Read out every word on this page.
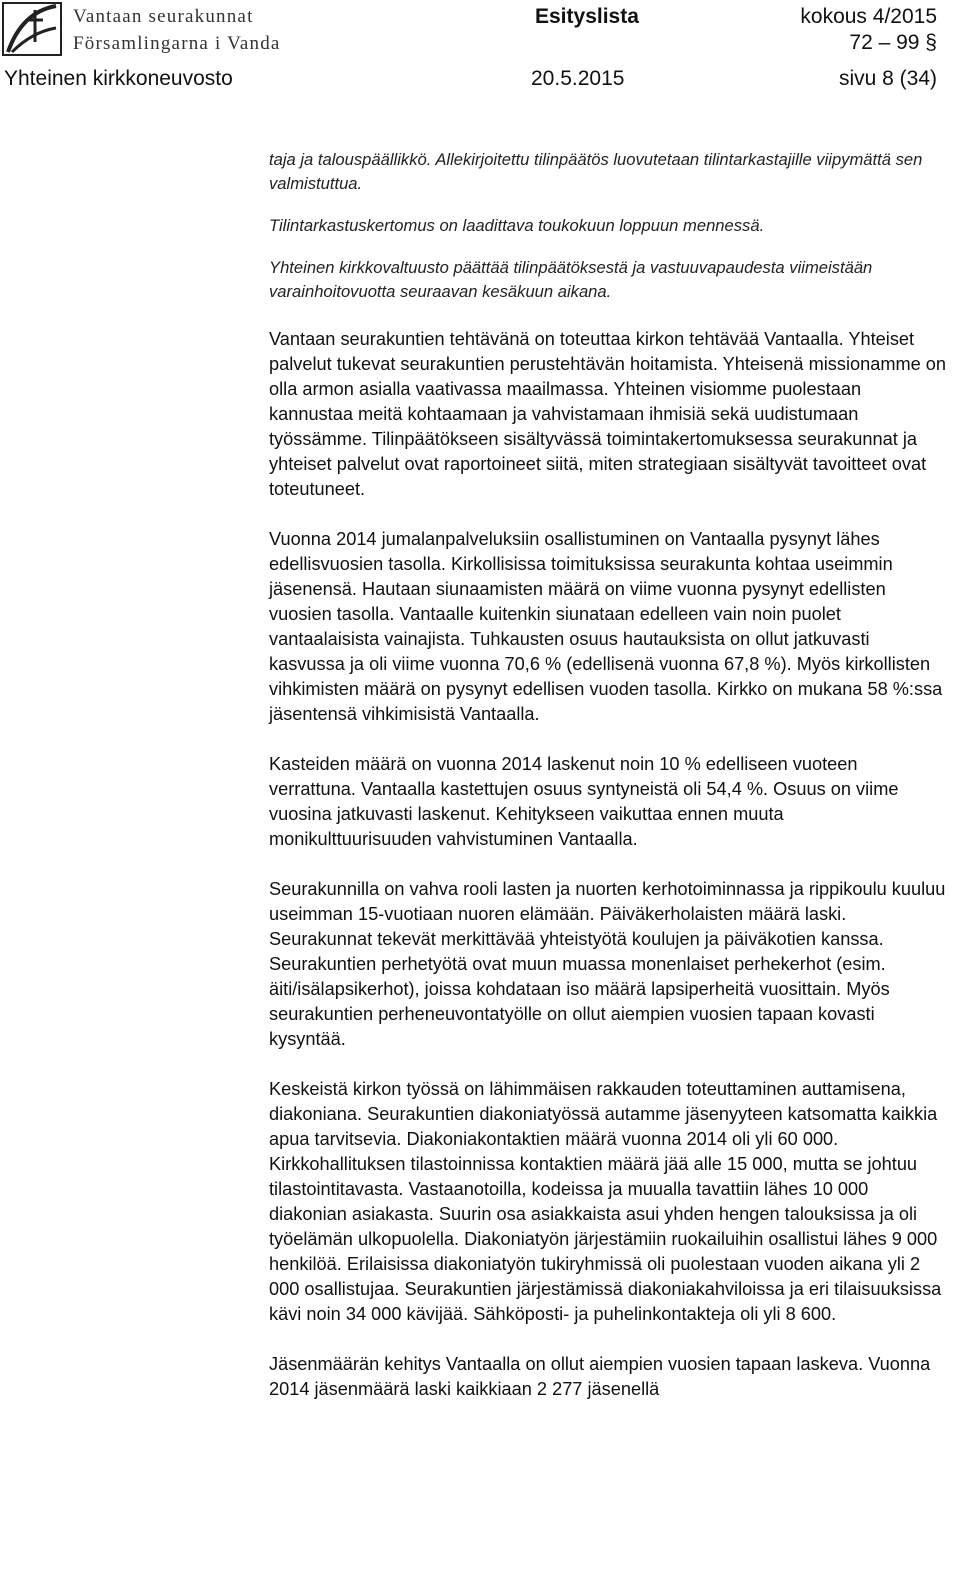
Vantaan seurakunnat
Församlingarna i Vanda
Esityslista	kokous 4/2015
72 – 99 §
Yhteinen kirkkoneuvosto	20.5.2015	sivu 8 (34)

taja ja talouspäällikkö. Allekirjoitettu tilinpäätös luovutetaan tilintarkastajille viipymättä sen valmistuttua.

Tilintarkastuskertomus on laadittava toukokuun loppuun mennessä.

Yhteinen kirkkovaltuusto päättää tilinpäätöksestä ja vastuuvapaudesta viimeistään varainhoitovuotta seuraavan kesäkuun aikana.

Vantaan seurakuntien tehtävänä on toteuttaa kirkon tehtävää Vantaalla. Yhteiset palvelut tukevat seurakuntien perustehtävän hoitamista. Yhteisenä missionamme on olla armon asialla vaativassa maailmassa. Yhteinen visiomme puolestaan kannustaa meitä kohtaamaan ja vahvistamaan ihmisiä sekä uudistumaan työssämme. Tilinpäätökseen sisältyvässä toimintakertomuksessa seurakunnat ja yhteiset palvelut ovat raportoineet siitä, miten strategiaan sisältyvät tavoitteet ovat toteutuneet.

Vuonna 2014 jumalanpalveluksiin osallistuminen on Vantaalla pysynyt lähes edellisvuosien tasolla. Kirkollisissa toimituksissa seurakunta kohtaa useimmin jäsenensä. Hautaan siunaamisten määrä on viime vuonna pysynyt edellisten vuosien tasolla. Vantaalle kuitenkin siunataan edelleen vain noin puolet vantaalaisista vainajista. Tuhkausten osuus hautauksista on ollut jatkuvasti kasvussa ja oli viime vuonna 70,6 % (edellisenä vuonna 67,8 %). Myös kirkollisten vihkimisten määrä on pysynyt edellisen vuoden tasolla. Kirkko on mukana 58 %:ssa jäsentensä vihkimisistä Vantaalla.

Kasteiden määrä on vuonna 2014 laskenut noin 10 % edelliseen vuoteen verrattuna. Vantaalla kastettujen osuus syntyneistä oli 54,4 %. Osuus on viime vuosina jatkuvasti laskenut. Kehitykseen vaikuttaa ennen muuta monikulttuurisuuden vahvistuminen Vantaalla.

Seurakunnilla on vahva rooli lasten ja nuorten kerhotoiminnassa ja rippikoulu kuuluu useimman 15-vuotiaan nuoren elämään. Päiväkerholaisten määrä laski. Seurakunnat tekevät merkittävää yhteistyötä koulujen ja päiväkotien kanssa. Seurakuntien perhetyötä ovat muun muassa monenlaiset perhekerhot (esim. äiti/isälapsikerhot), joissa kohdataan iso määrä lapsiperheitä vuosittain. Myös seurakuntien perheneuvontatyölle on ollut aiempien vuosien tapaan kovasti kysyntää.

Keskeistä kirkon työssä on lähimmäisen rakkauden toteuttaminen auttamisena, diakoniana. Seurakuntien diakoniatyössä autamme jäsenyyteen katsomatta kaikkia apua tarvitsevia. Diakoniakontaktien määrä vuonna 2014 oli yli 60 000. Kirkkohallituksen tilastoinnissa kontaktien määrä jää alle 15 000, mutta se johtuu tilastointitavasta. Vastaanotoilla, kodeissa ja muualla tavattiin lähes 10 000 diakonian asiakasta. Suurin osa asiakkaista asui yhden hengen talouksissa ja oli työelämän ulkopuolella. Diakoniatyön järjestämiin ruokailuihin osallistui lähes 9 000 henkilöä. Erilaisissa diakoniatyön tukiryhmissä oli puolestaan vuoden aikana yli 2 000 osallistujaa. Seurakuntien järjestämissä diakoniakahviloissa ja eri tilaisuuksissa kävi noin 34 000 kävijää. Sähköposti- ja puhelinkontakteja oli yli 8 600.

Jäsenmäärän kehitys Vantaalla on ollut aiempien vuosien tapaan laskeva. Vuonna 2014 jäsenmäärä laski kaikkiaan 2 277 jäsenellä
